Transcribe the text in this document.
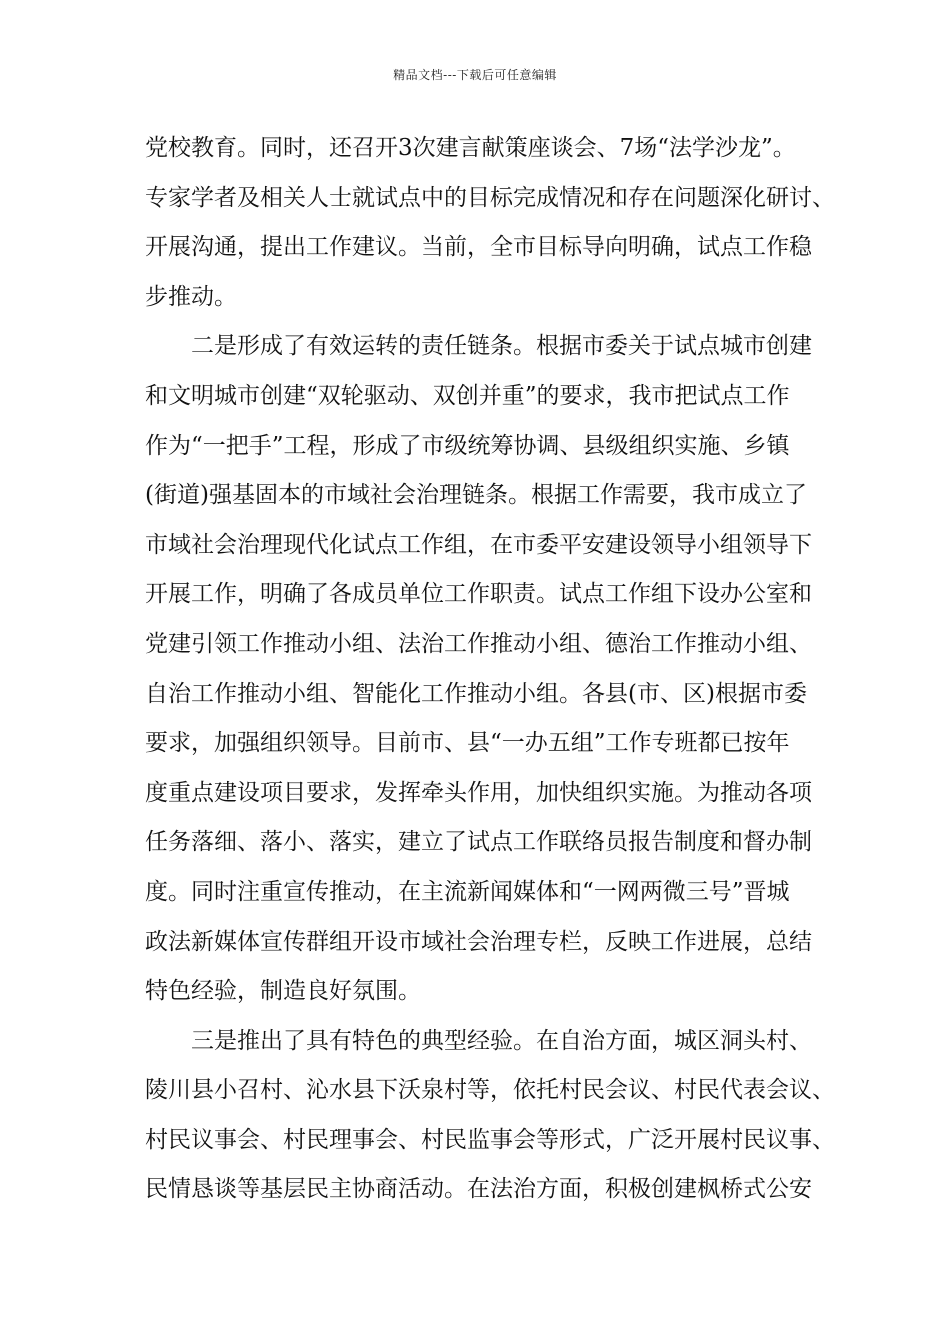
精品文档---下载后可任意编辑
党校教育。同时，还召开3次建言献策座谈会、7场“法学沙龙”。
专家学者及相关人士就试点中的目标完成情况和存在问题深化研讨、
开展沟通，提出工作建议。当前，全市目标导向明确，试点工作稳
步推动。
二是形成了有效运转的责任链条。根据市委关于试点城市创建
和文明城市创建“双轮驱动、双创并重”的要求，我市把试点工作
作为“一把手”工程，形成了市级统筹协调、县级组织实施、乡镇
(街道)强基固本的市域社会治理链条。根据工作需要，我市成立了
市域社会治理现代化试点工作组，在市委平安建设领导小组领导下
开展工作，明确了各成员单位工作职责。试点工作组下设办公室和
党建引领工作推动小组、法治工作推动小组、德治工作推动小组、
自治工作推动小组、智能化工作推动小组。各县(市、区)根据市委
要求，加强组织领导。目前市、县“一办五组”工作专班都已按年
度重点建设项目要求，发挥牵头作用，加快组织实施。为推动各项
任务落细、落小、落实，建立了试点工作联络员报告制度和督办制
度。同时注重宣传推动，在主流新闻媒体和“一网两微三号”晋城
政法新媒体宣传群组开设市域社会治理专栏，反映工作进展，总结
特色经验，制造良好氛围。
三是推出了具有特色的典型经验。在自治方面，城区洞头村、
陵川县小召村、沁水县下沃泉村等，依托村民会议、村民代表会议、
村民议事会、村民理事会、村民监事会等形式，广泛开展村民议事、
民情恳谈等基层民主协商活动。在法治方面，积极创建枫桥式公安
